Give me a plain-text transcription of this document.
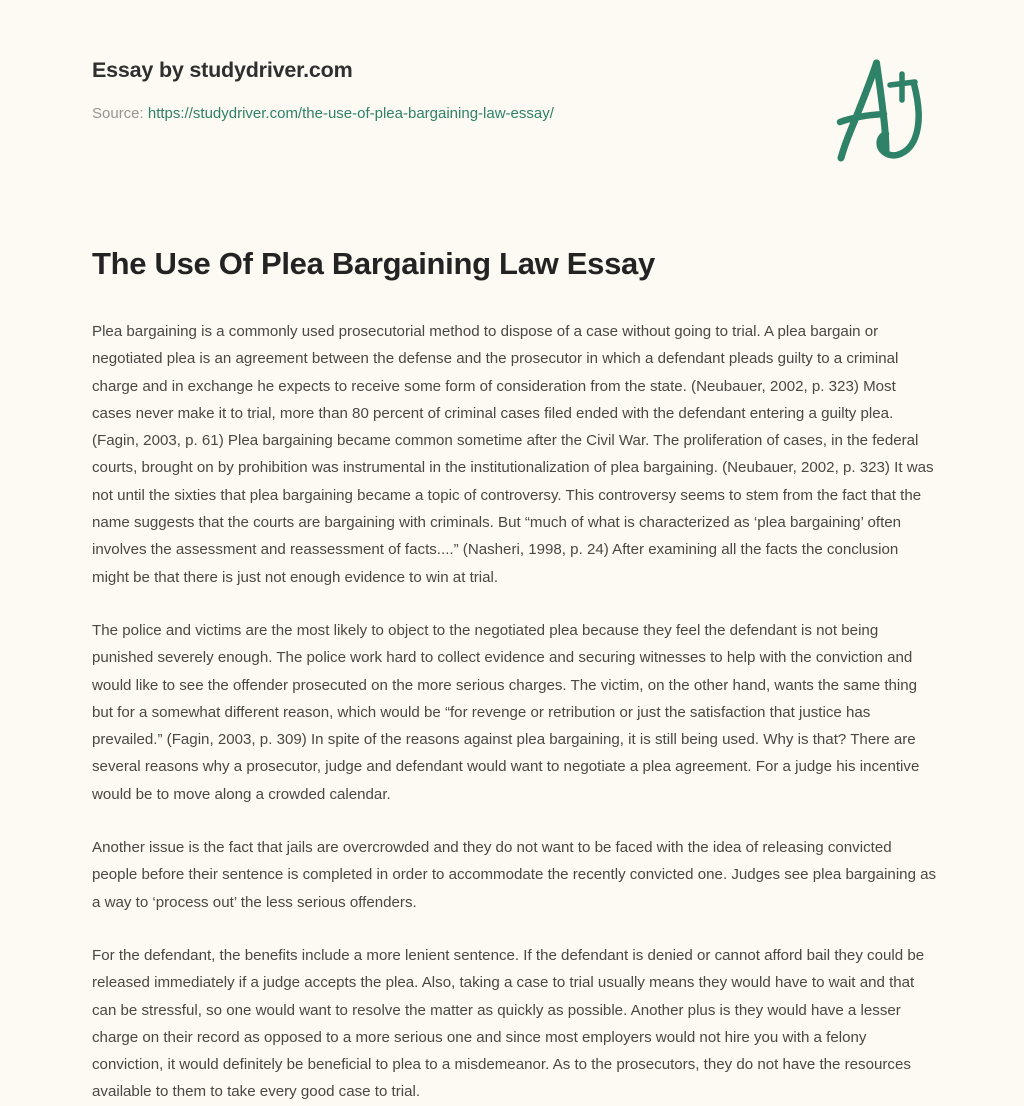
Essay by studydriver.com
Source: https://studydriver.com/the-use-of-plea-bargaining-law-essay/
The Use Of Plea Bargaining Law Essay

Plea bargaining is a commonly used prosecutorial method to dispose of a case without going to trial. A plea bargain or negotiated plea is an agreement between the defense and the prosecutor in which a defendant pleads guilty to a criminal charge and in exchange he expects to receive some form of consideration from the state. (Neubauer, 2002, p. 323) Most cases never make it to trial, more than 80 percent of criminal cases filed ended with the defendant entering a guilty plea. (Fagin, 2003, p. 61) Plea bargaining became common sometime after the Civil War. The proliferation of cases, in the federal courts, brought on by prohibition was instrumental in the institutionalization of plea bargaining. (Neubauer, 2002, p. 323) It was not until the sixties that plea bargaining became a topic of controversy. This controversy seems to stem from the fact that the name suggests that the courts are bargaining with criminals. But “much of what is characterized as ‘plea bargaining’ often involves the assessment and reassessment of facts....” (Nasheri, 1998, p. 24) After examining all the facts the conclusion might be that there is just not enough evidence to win at trial.

The police and victims are the most likely to object to the negotiated plea because they feel the defendant is not being punished severely enough. The police work hard to collect evidence and securing witnesses to help with the conviction and would like to see the offender prosecuted on the more serious charges. The victim, on the other hand, wants the same thing but for a somewhat different reason, which would be “for revenge or retribution or just the satisfaction that justice has prevailed.” (Fagin, 2003, p. 309) In spite of the reasons against plea bargaining, it is still being used. Why is that? There are several reasons why a prosecutor, judge and defendant would want to negotiate a plea agreement. For a judge his incentive would be to move along a crowded calendar.

Another issue is the fact that jails are overcrowded and they do not want to be faced with the idea of releasing convicted people before their sentence is completed in order to accommodate the recently convicted one. Judges see plea bargaining as a way to ‘process out’ the less serious offenders.

For the defendant, the benefits include a more lenient sentence. If the defendant is denied or cannot afford bail they could be released immediately if a judge accepts the plea. Also, taking a case to trial usually means they would have to wait and that can be stressful, so one would want to resolve the matter as quickly as possible. Another plus is they would have a lesser charge on their record as opposed to a more serious one and since most employers would not hire you with a felony conviction, it would definitely be beneficial to plea to a misdemeanor. As to the prosecutors, they do not have the resources available to them to take every good case to trial.
